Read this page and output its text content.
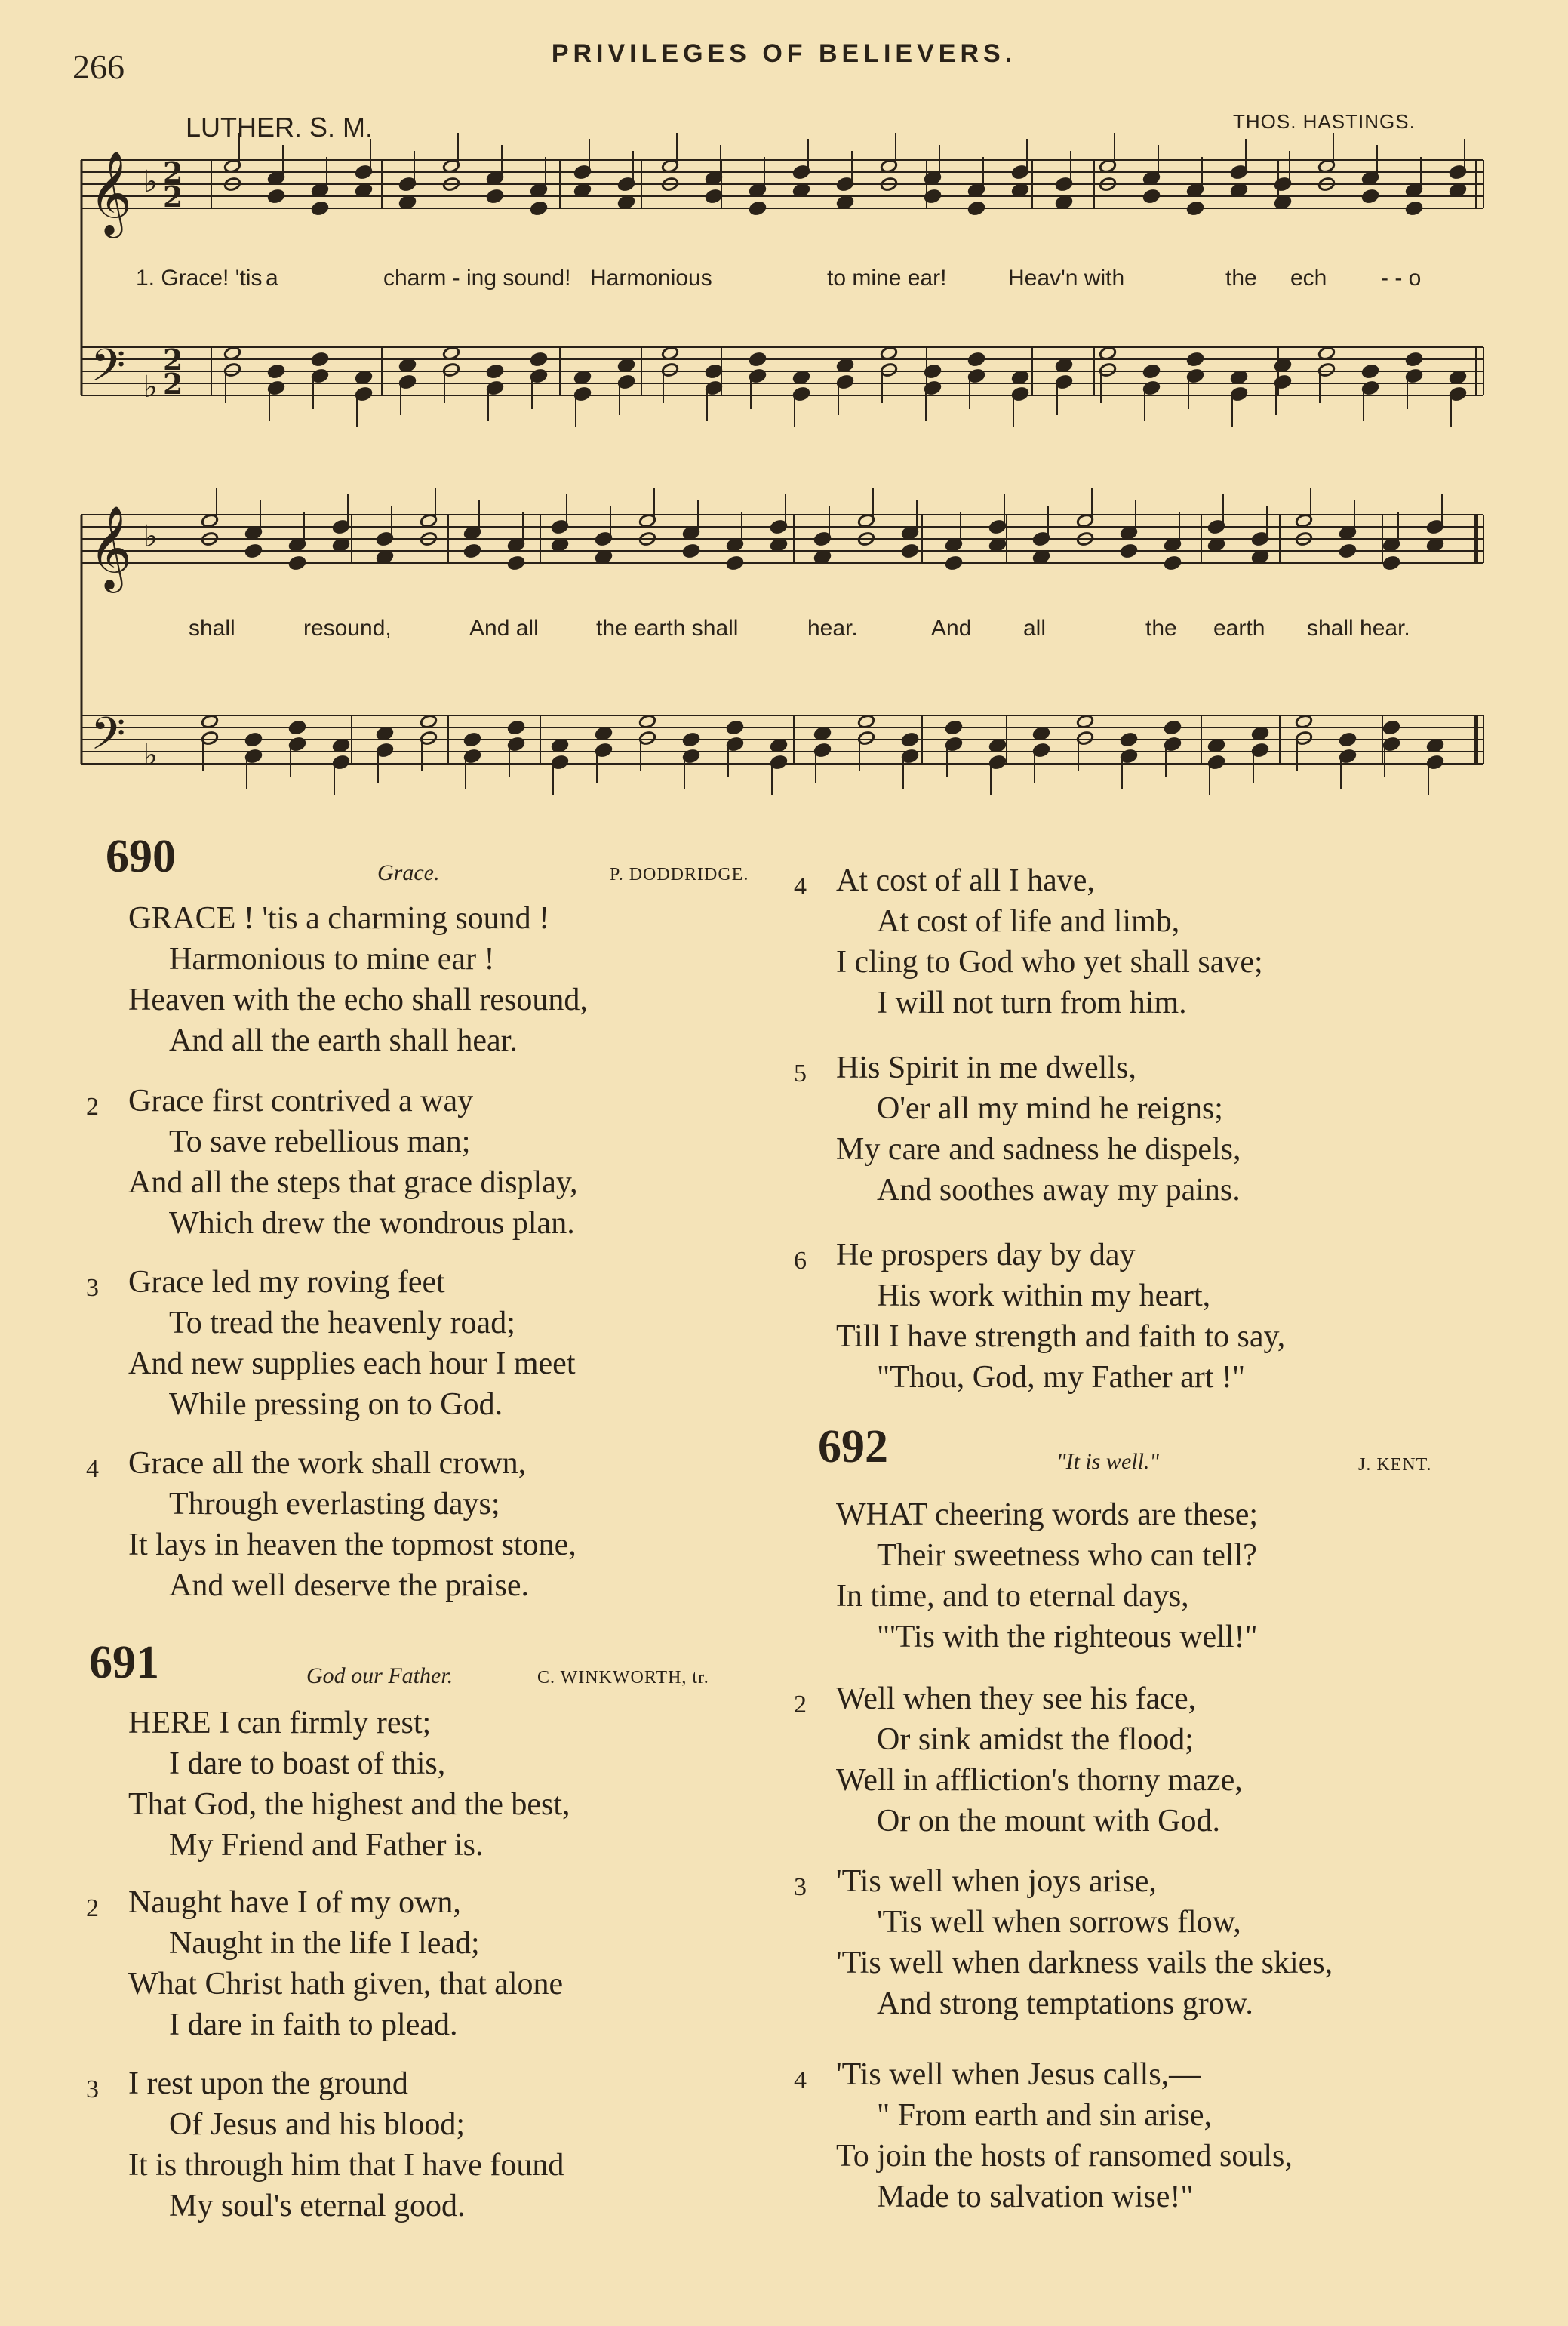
266	PRIVILEGES OF BELIEVERS.
LUTHER. S. M.	THOS. HASTINGS.
𝄞
𝄢
♭
♭
2
2
2
2
𝄞
𝄢
♭
♭
690	Grace.	P. DODDRIDGE.
691	God our Father.	C. WINKWORTH, tr.
692	"It is well."	J. KENT.
GRACE ! 'tis a charming sound !
Harmonious to mine ear !
Heaven with the echo shall resound,
And all the earth shall hear.
2 Grace first contrived a way
To save rebellious man;
And all the steps that grace display,
Which drew the wondrous plan.
3 Grace led my roving feet
To tread the heavenly road;
And new supplies each hour I meet
While pressing on to God.
4 Grace all the work shall crown,
Through everlasting days;
It lays in heaven the topmost stone,
And well deserve the praise.
HERE I can firmly rest;
I dare to boast of this,
That God, the highest and the best,
My Friend and Father is.
2 Naught have I of my own,
Naught in the life I lead;
What Christ hath given, that alone
I dare in faith to plead.
3 I rest upon the ground
Of Jesus and his blood;
It is through him that I have found
My soul's eternal good.
4 At cost of all I have,
At cost of life and limb,
I cling to God who yet shall save;
I will not turn from him.
5 His Spirit in me dwells,
O'er all my mind he reigns;
My care and sadness he dispels,
And soothes away my pains.
6 He prospers day by day
His work within my heart,
Till I have strength and faith to say,
"Thou, God, my Father art !"
WHAT cheering words are these;
Their sweetness who can tell?
In time, and to eternal days,
"'Tis with the righteous well!"
2 Well when they see his face,
Or sink amidst the flood;
Well in affliction's thorny maze,
Or on the mount with God.
3 'Tis well when joys arise,
'Tis well when sorrows flow,
'Tis well when darkness vails the skies,
And strong temptations grow.
4 'Tis well when Jesus calls,—
" From earth and sin arise,
To join the hosts of ransomed souls,
Made to salvation wise!"
1. Grace! 'tis a	charm - ing sound! Harmonious	to mine ear!	Heav'n with	the ech - - o
shall	resound,	And all	the earth shall	hear.	And all	the earth shall hear.
